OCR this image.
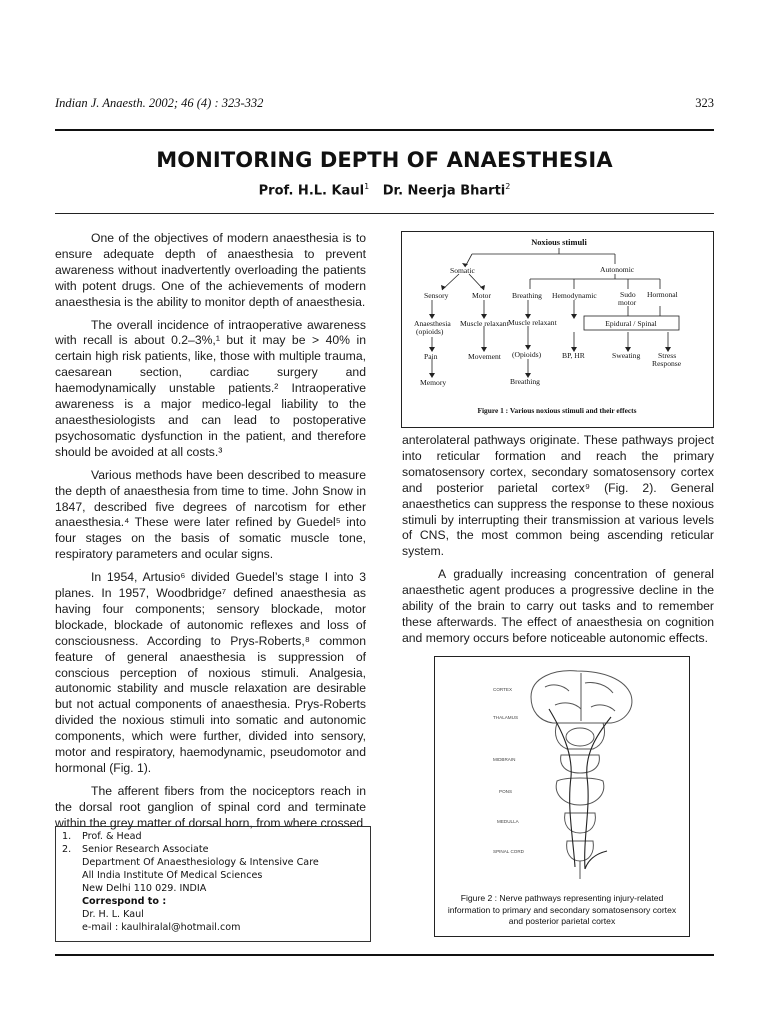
Indian J. Anaesth. 2002; 46 (4) : 323-332	323
MONITORING DEPTH OF ANAESTHESIA
Prof. H.L. Kaul$^1$ Dr. Neerja Bharti$^2$

One of the objectives of modern anaesthesia is to ensure adequate depth of anaesthesia to prevent awareness without inadvertently overloading the patients with potent drugs. One of the achievements of modern anaesthesia is the ability to monitor depth of anaesthesia.

The overall incidence of intraoperative awareness with recall is about 0.2–3%,¹ but it may be > 40% in certain high risk patients, like, those with multiple trauma, caesarean section, cardiac surgery and haemodynamically unstable patients.² Intraoperative awareness is a major medico-legal liability to the anaesthesiologists and can lead to postoperative psychosomatic dysfunction in the patient, and therefore should be avoided at all costs.³

Various methods have been described to measure the depth of anaesthesia from time to time. John Snow in 1847, described five degrees of narcotism for ether anaesthesia.⁴ These were later refined by Guedel⁵ into four stages on the basis of somatic muscle tone, respiratory parameters and ocular signs.

In 1954, Artusio⁶ divided Guedel’s stage I into 3 planes. In 1957, Woodbridge⁷ defined anaesthesia as having four components; sensory blockade, motor blockade, blockade of autonomic reflexes and loss of consciousness. According to Prys-Roberts,⁸ common feature of general anaesthesia is suppression of conscious perception of noxious stimuli. Analgesia, autonomic stability and muscle relaxation are desirable but not actual components of anaesthesia. Prys-Roberts divided the noxious stimuli into somatic and autonomic components, which were further, divided into sensory, motor and respiratory, haemodynamic, pseudomotor and hormonal (Fig. 1).

The afferent fibers from the nociceptors reach in the dorsal root ganglion of spinal cord and terminate within the grey matter of dorsal horn, from where crossed

Noxious stimuli
Somatic	Autonomic
Sensory	Motor	Breathing Hemodynamic	Sudo
motor
Hormonal
Anaesthesia
(opioids)
Muscle relaxant Muscle relaxant	Epidural / Spinal
Pain	Movement (Opioids)	BP, HR	Sweating Stress
Response
Memory	Breathing
Figure 1 : Various noxious stimuli and their effects

anterolateral pathways originate. These pathways project into reticular formation and reach the primary somatosensory cortex, secondary somatosensory cortex and posterior parietal cortex⁹ (Fig. 2). General anaesthetics can suppress the response to these noxious stimuli by interrupting their transmission at various levels of CNS, the most common being ascending reticular system.

A gradually increasing concentration of general anaesthetic agent produces a progressive decline in the ability of the brain to carry out tasks and to remember these afterwards. The effect of anaesthesia on cognition and memory occurs before noticeable autonomic effects.

CORTEX
THALAMUS
MIDBRAIN
PONS
MEDULLA
SPINAL CORD
Figure 2 : Nerve pathways representing injury-related
information to primary and secondary somatosensory cortex
and posterior parietal cortex
1. Prof. & Head
2. Senior Research Associate
Department Of Anaesthesiology & Intensive Care
All India Institute Of Medical Sciences
New Delhi 110 029. INDIA
Correspond to :
Dr. H. L. Kaul
e-mail : kaulhiralal@hotmail.com
